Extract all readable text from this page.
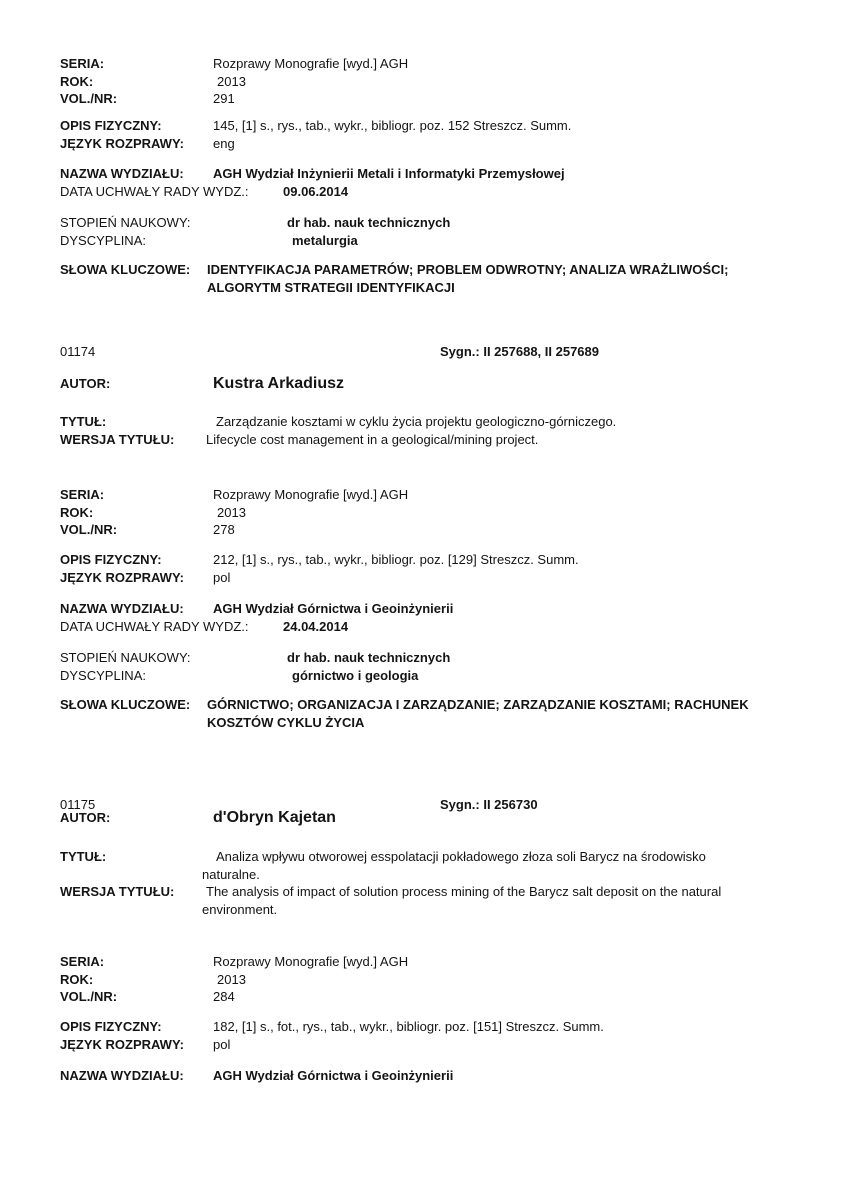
SERIA:	Rozprawy Monografie [wyd.] AGH
ROK:	2013
VOL./NR:	291
OPIS FIZYCZNY:	145, [1] s., rys., tab., wykr., bibliogr. poz. 152 Streszcz. Summ.
JĘZYK ROZPRAWY:	eng
NAZWA WYDZIAŁU:	AGH Wydział Inżynierii Metali i Informatyki Przemysłowej
DATA UCHWAŁY RADY WYDZ.:	09.06.2014
STOPIEŃ NAUKOWY:	dr hab. nauk technicznych
DYSCYPLINA:	metalurgia
SŁOWA KLUCZOWE:	IDENTYFIKACJA PARAMETRÓW; PROBLEM ODWROTNY; ANALIZA WRAŻLIWOŚCI;
ALGORYTM STRATEGII IDENTYFIKACJI
01174	Sygn.: II 257688, II 257689
AUTOR:	Kustra Arkadiusz
TYTUŁ:	Zarządzanie kosztami w cyklu życia projektu geologiczno-górniczego.
WERSJA TYTUŁU:	Lifecycle cost management in a geological/mining project.
SERIA:	Rozprawy Monografie [wyd.] AGH
ROK:	2013
VOL./NR:	278
OPIS FIZYCZNY:	212, [1] s., rys., tab., wykr., bibliogr. poz. [129] Streszcz. Summ.
JĘZYK ROZPRAWY:	pol
NAZWA WYDZIAŁU:	AGH Wydział Górnictwa i Geoinżynierii
DATA UCHWAŁY RADY WYDZ.:	24.04.2014
STOPIEŃ NAUKOWY:	dr hab. nauk technicznych
DYSCYPLINA:	górnictwo i geologia
SŁOWA KLUCZOWE:	GÓRNICTWO; ORGANIZACJA I ZARZĄDZANIE; ZARZĄDZANIE KOSZTAMI; RACHUNEK
KOSZTÓW CYKLU ŻYCIA
01175	Sygn.: II 256730
AUTOR:	d'Obryn Kajetan
TYTUŁ:	Analiza wpływu otworowej esspolatacji pokładowego złoza soli Barycz na środowisko
naturalne.
WERSJA TYTUŁU:	The analysis of impact of solution process mining of the Barycz salt deposit on the natural
environment.
SERIA:	Rozprawy Monografie [wyd.] AGH
ROK:	2013
VOL./NR:	284
OPIS FIZYCZNY:	182, [1] s., fot., rys., tab., wykr., bibliogr. poz. [151] Streszcz. Summ.
JĘZYK ROZPRAWY:	pol
NAZWA WYDZIAŁU:	AGH Wydział Górnictwa i Geoinżynierii
